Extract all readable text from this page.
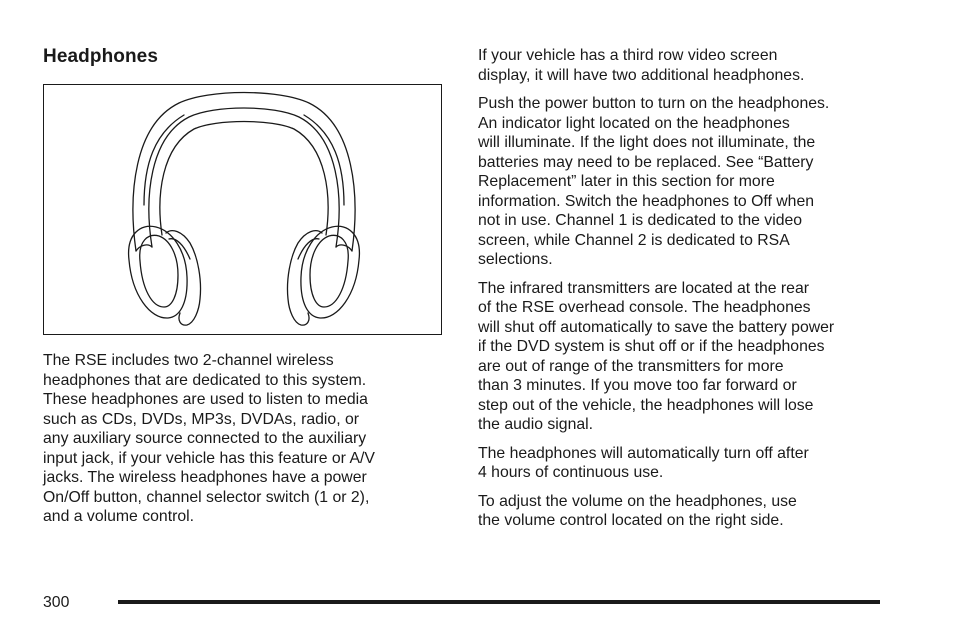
Headphones

The RSE includes two 2-channel wireless
headphones that are dedicated to this system.
These headphones are used to listen to media
such as CDs, DVDs, MP3s, DVDAs, radio, or
any auxiliary source connected to the auxiliary
input jack, if your vehicle has this feature or A/V
jacks. The wireless headphones have a power
On/Off button, channel selector switch (1 or 2),
and a volume control.

If your vehicle has a third row video screen
display, it will have two additional headphones.

Push the power button to turn on the headphones.
An indicator light located on the headphones
will illuminate. If the light does not illuminate, the
batteries may need to be replaced. See “Battery
Replacement” later in this section for more
information. Switch the headphones to Off when
not in use. Channel 1 is dedicated to the video
screen, while Channel 2 is dedicated to RSA
selections.

The infrared transmitters are located at the rear
of the RSE overhead console. The headphones
will shut off automatically to save the battery power
if the DVD system is shut off or if the headphones
are out of range of the transmitters for more
than 3 minutes. If you move too far forward or
step out of the vehicle, the headphones will lose
the audio signal.

The headphones will automatically turn off after
4 hours of continuous use.

To adjust the volume on the headphones, use
the volume control located on the right side.

300
